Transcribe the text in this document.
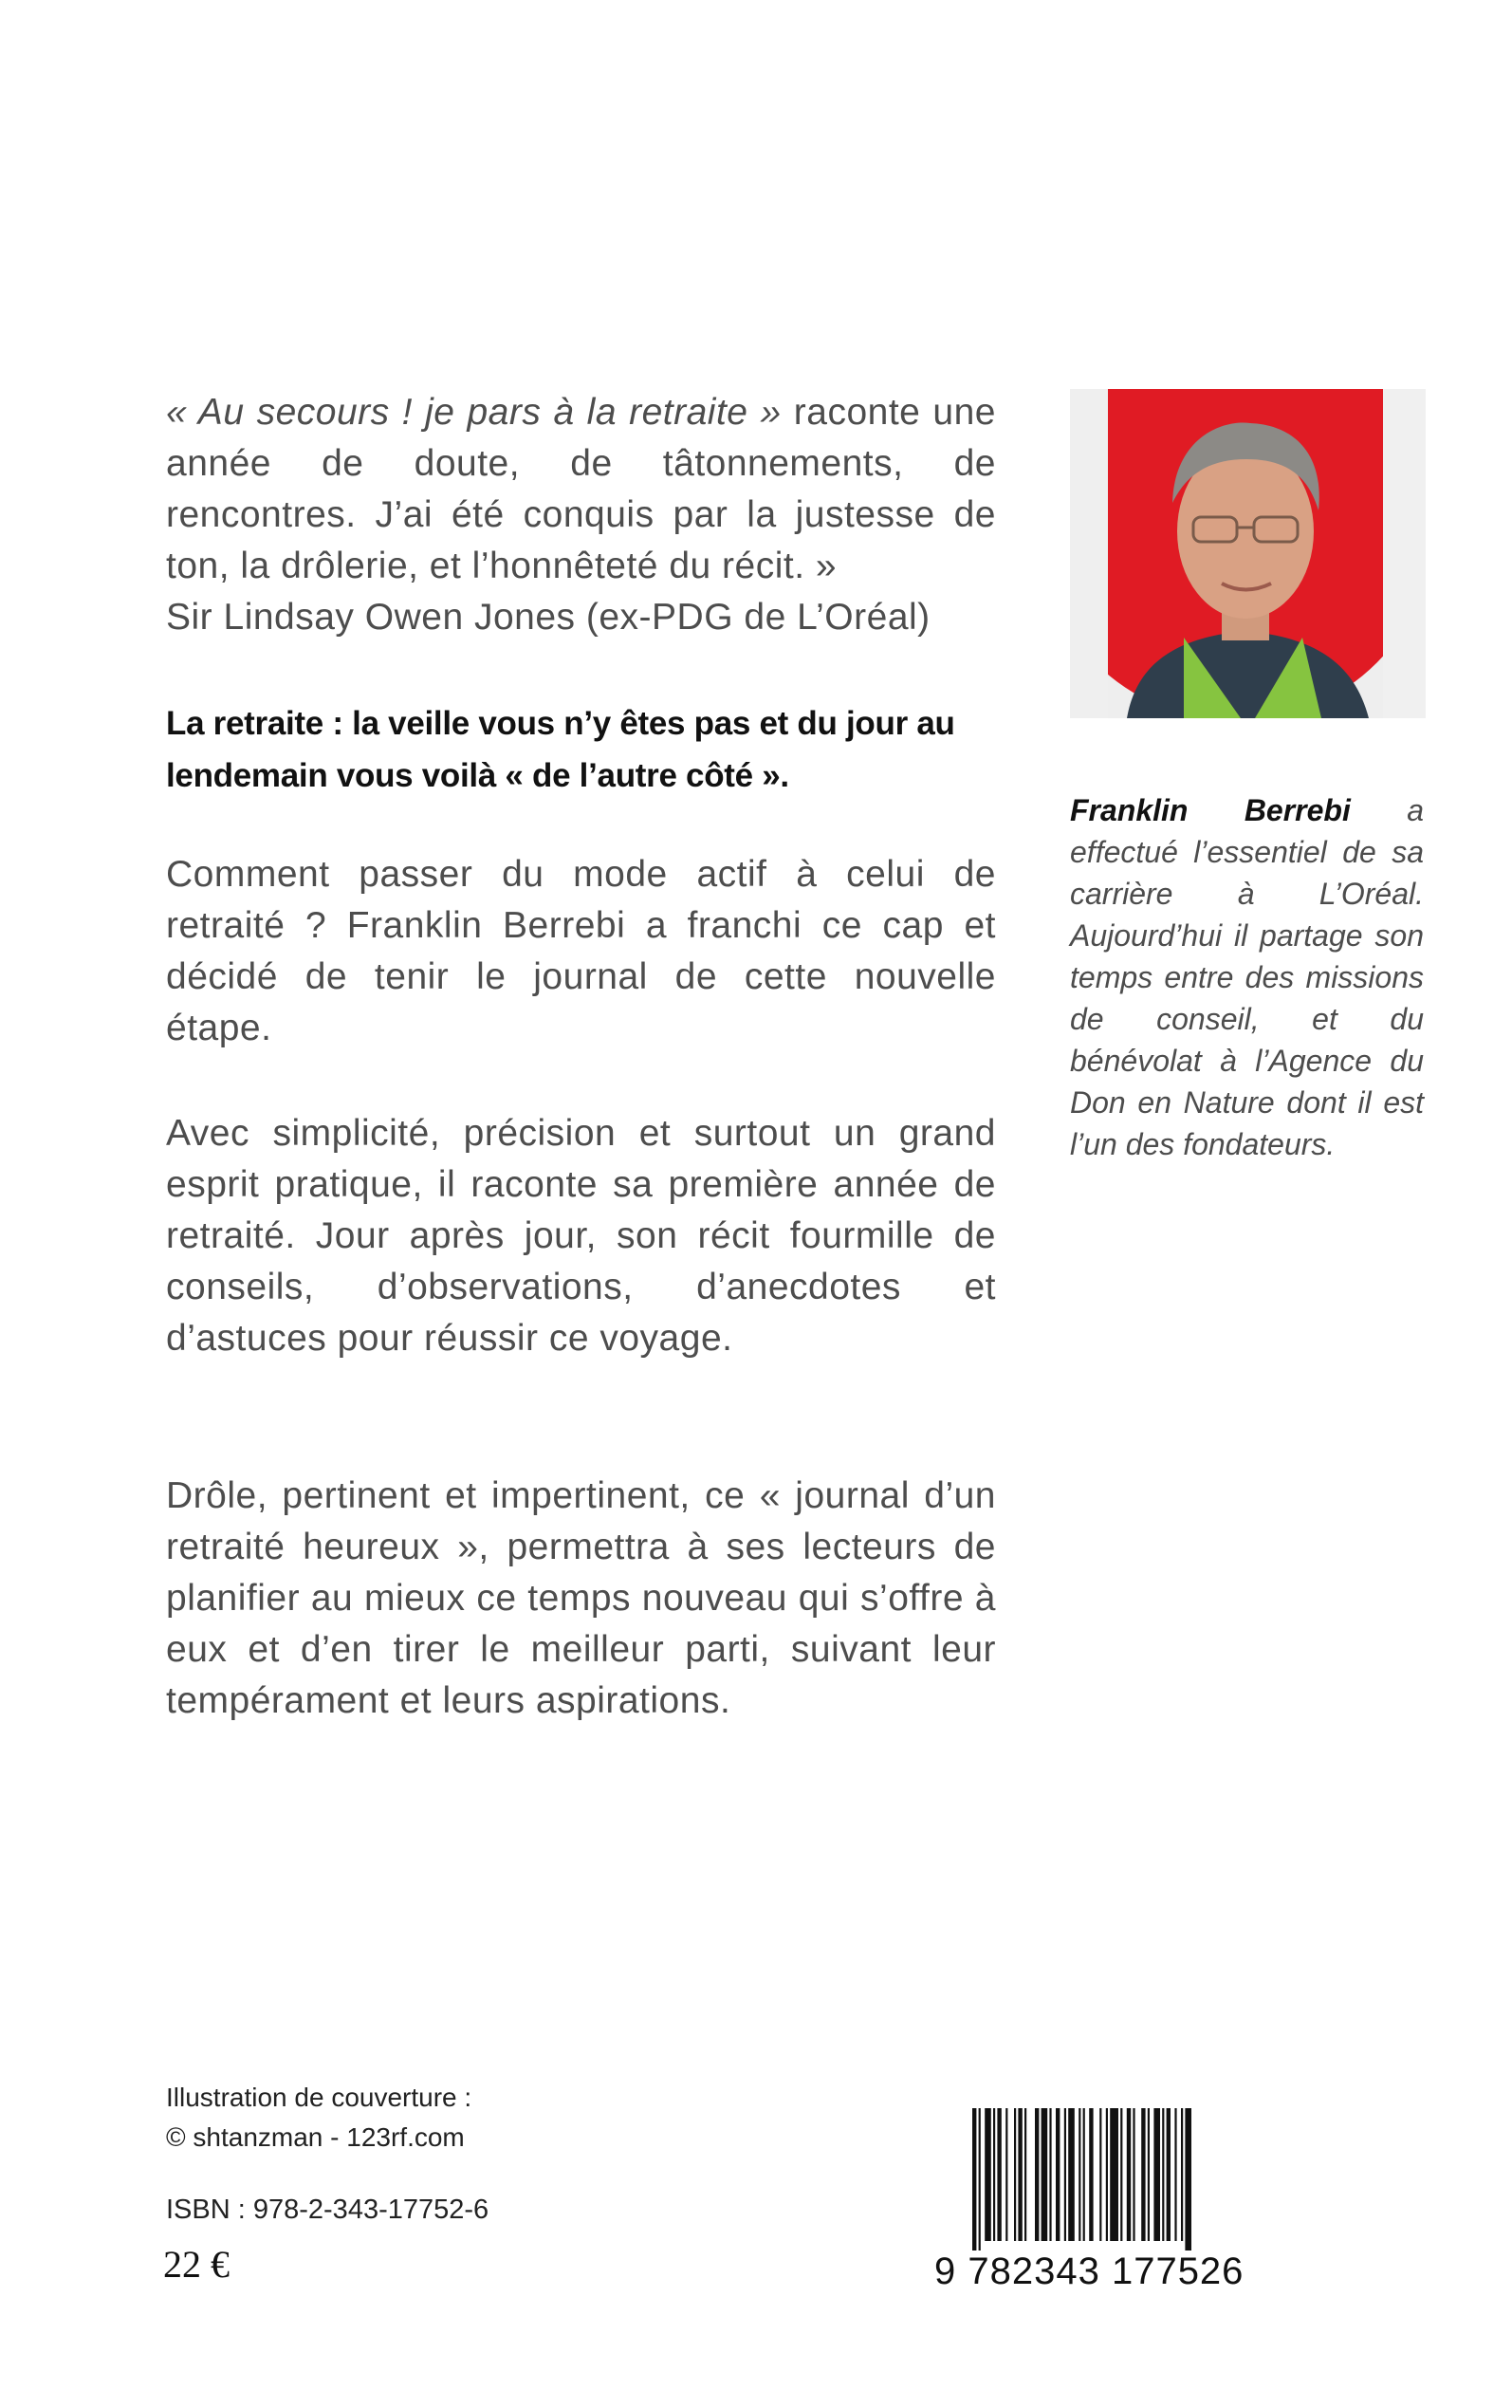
« Au secours ! je pars à la retraite » raconte une année de doute, de tâtonnements, de rencontres. J’ai été conquis par la justesse de ton, la drôlerie, et l’honnêteté du récit. »

Sir Lindsay Owen Jones (ex-PDG de L’Oréal)

La retraite : la veille vous n’y êtes pas et du jour au lendemain vous voilà « de l’autre côté ».

Comment passer du mode actif à celui de retraité ? Franklin Berrebi a franchi ce cap et décidé de tenir le journal de cette nouvelle étape.

Avec simplicité, précision et surtout un grand esprit pratique, il raconte sa première année de retraité. Jour après jour, son récit fourmille de conseils, d’observations, d’anecdotes et d’astuces pour réussir ce voyage.

Drôle, pertinent et impertinent, ce « journal d’un retraité heureux », permettra à ses lecteurs de planifier au mieux ce temps nouveau qui s’offre à eux et d’en tirer le meilleur parti, suivant leur tempérament et leurs aspirations.

Franklin Berrebi a effectué l’essentiel de sa carrière à L’Oréal. Aujourd’hui il partage son temps entre des missions de conseil, et du bénévolat à l’Agence du Don en Nature dont il est l’un des fondateurs.

Illustration de couverture :
© shtanzman - 123rf.com
ISBN : 978-2-343-17752-6
22 €	9 782343 177526
